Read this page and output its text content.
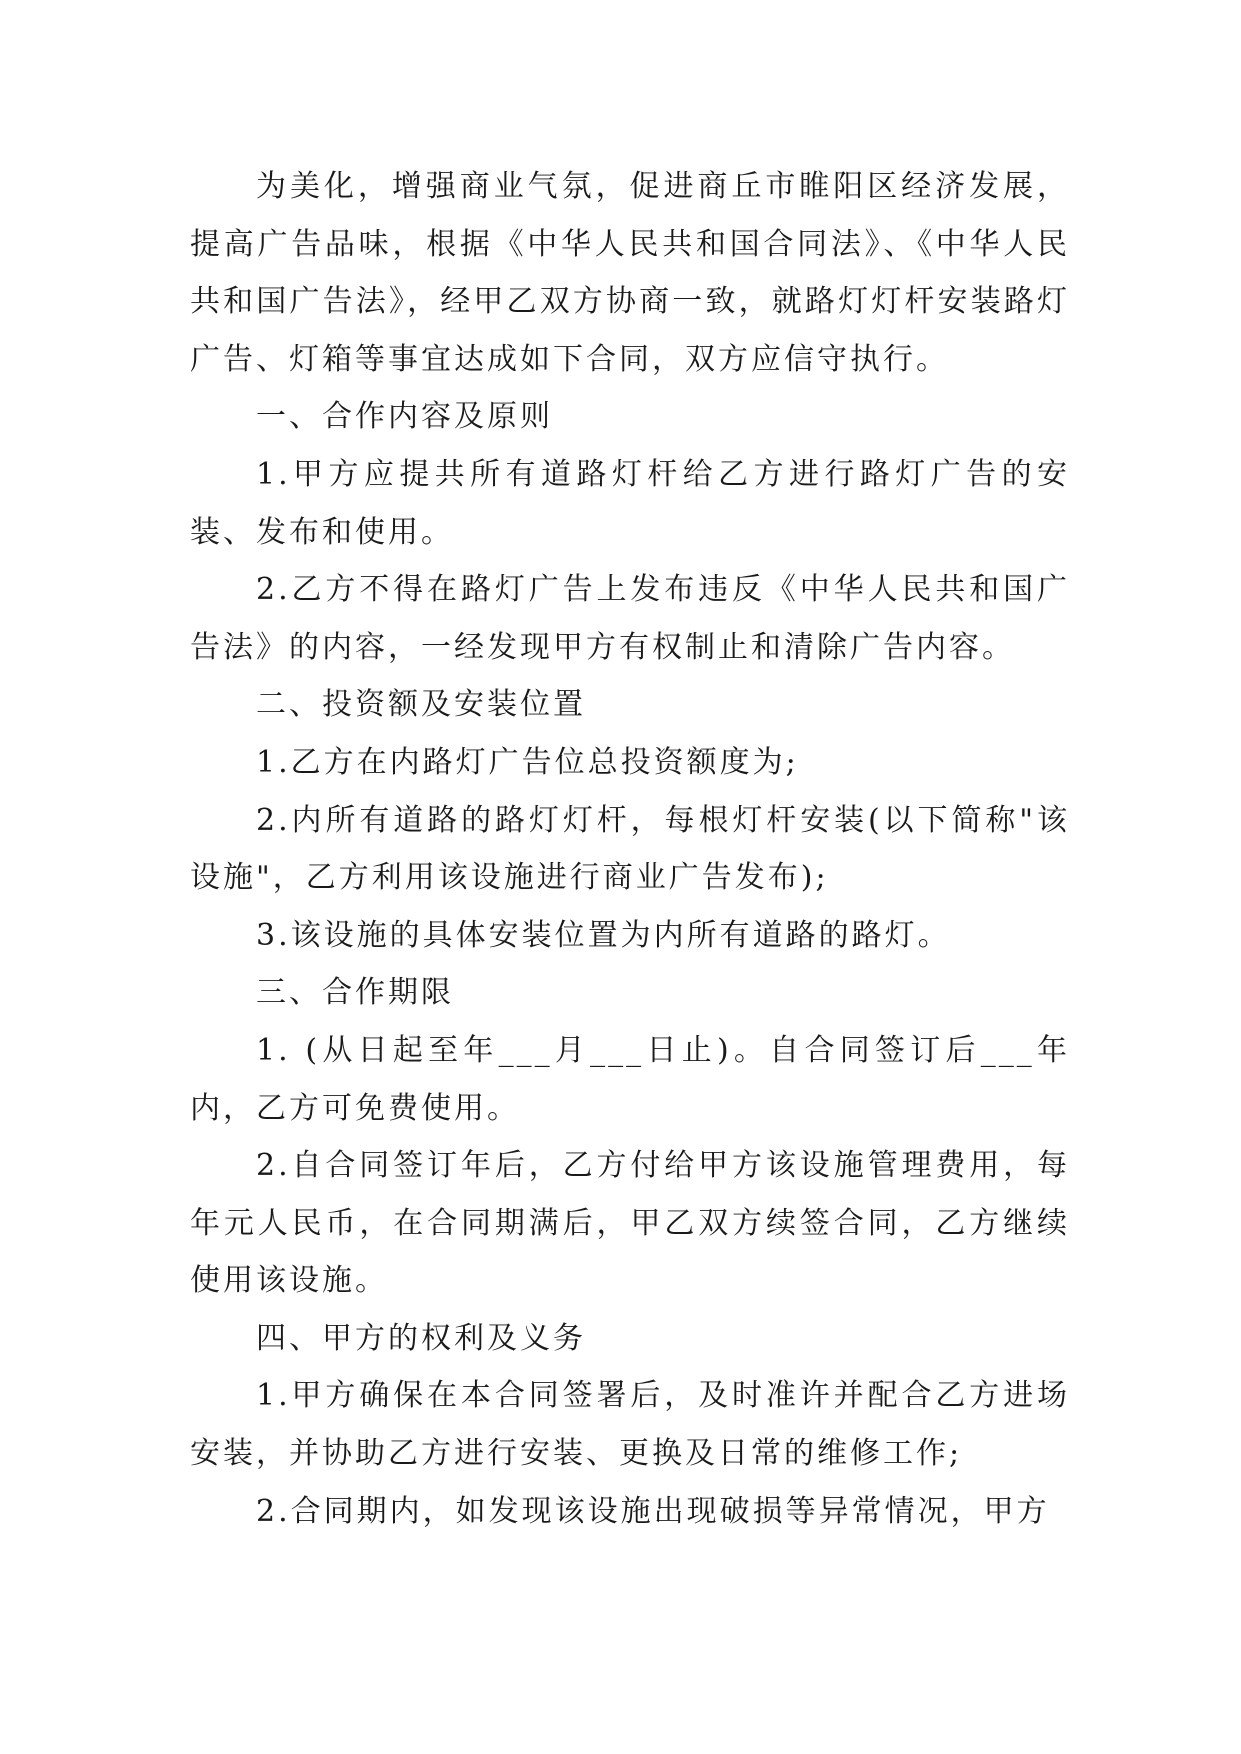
为美化，增强商业气氛，促进商丘市睢阳区经济发展，提高广告品味，根据《中华人民共和国合同法》、《中华人民共和国广告法》，经甲乙双方协商一致，就路灯灯杆安装路灯广告、灯箱等事宜达成如下合同，双方应信守执行。

一、合作内容及原则

1.甲方应提共所有道路灯杆给乙方进行路灯广告的安装、发布和使用。

2.乙方不得在路灯广告上发布违反《中华人民共和国广告法》的内容，一经发现甲方有权制止和清除广告内容。

二、投资额及安装位置

1.乙方在内路灯广告位总投资额度为;

2.内所有道路的路灯灯杆，每根灯杆安装(以下简称"该设施"，乙方利用该设施进行商业广告发布);

3.该设施的具体安装位置为内所有道路的路灯。

三、合作期限

1. (从日起至年___月___日止)。自合同签订后___年内，乙方可免费使用。

2.自合同签订年后，乙方付给甲方该设施管理费用，每年元人民币，在合同期满后，甲乙双方续签合同，乙方继续使用该设施。

四、甲方的权利及义务

1.甲方确保在本合同签署后，及时准许并配合乙方进场安装，并协助乙方进行安装、更换及日常的维修工作;

2.合同期内，如发现该设施出现破损等异常情况，甲方
